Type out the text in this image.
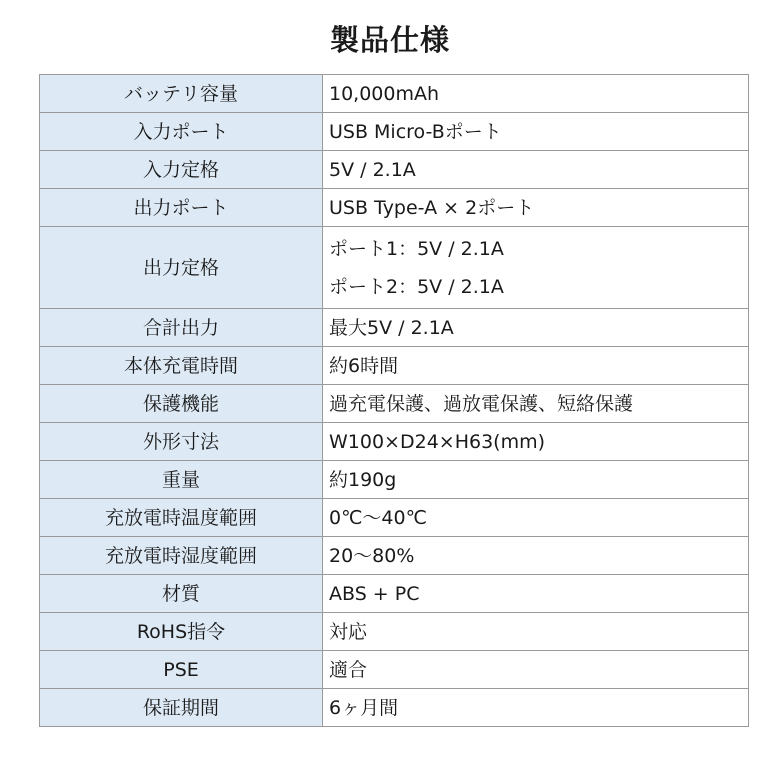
製品仕様
バッテリ容量	10,000mAh
入力ポート	USB Micro-Bポート
入力定格	5V / 2.1A
出力ポート	USB Type-A × 2ポート
出力定格	ポート1：5V / 2.1A
ポート2：5V / 2.1A

合計出力	最大5V / 2.1A
本体充電時間	約6時間
保護機能	過充電保護、過放電保護、短絡保護
外形寸法	W100×D24×H63(mm)
重量	約190g
充放電時温度範囲	0℃〜40℃
充放電時湿度範囲	20〜80%
材質	ABS + PC
RoHS指令	対応
PSE	適合
保証期間	6ヶ月間
